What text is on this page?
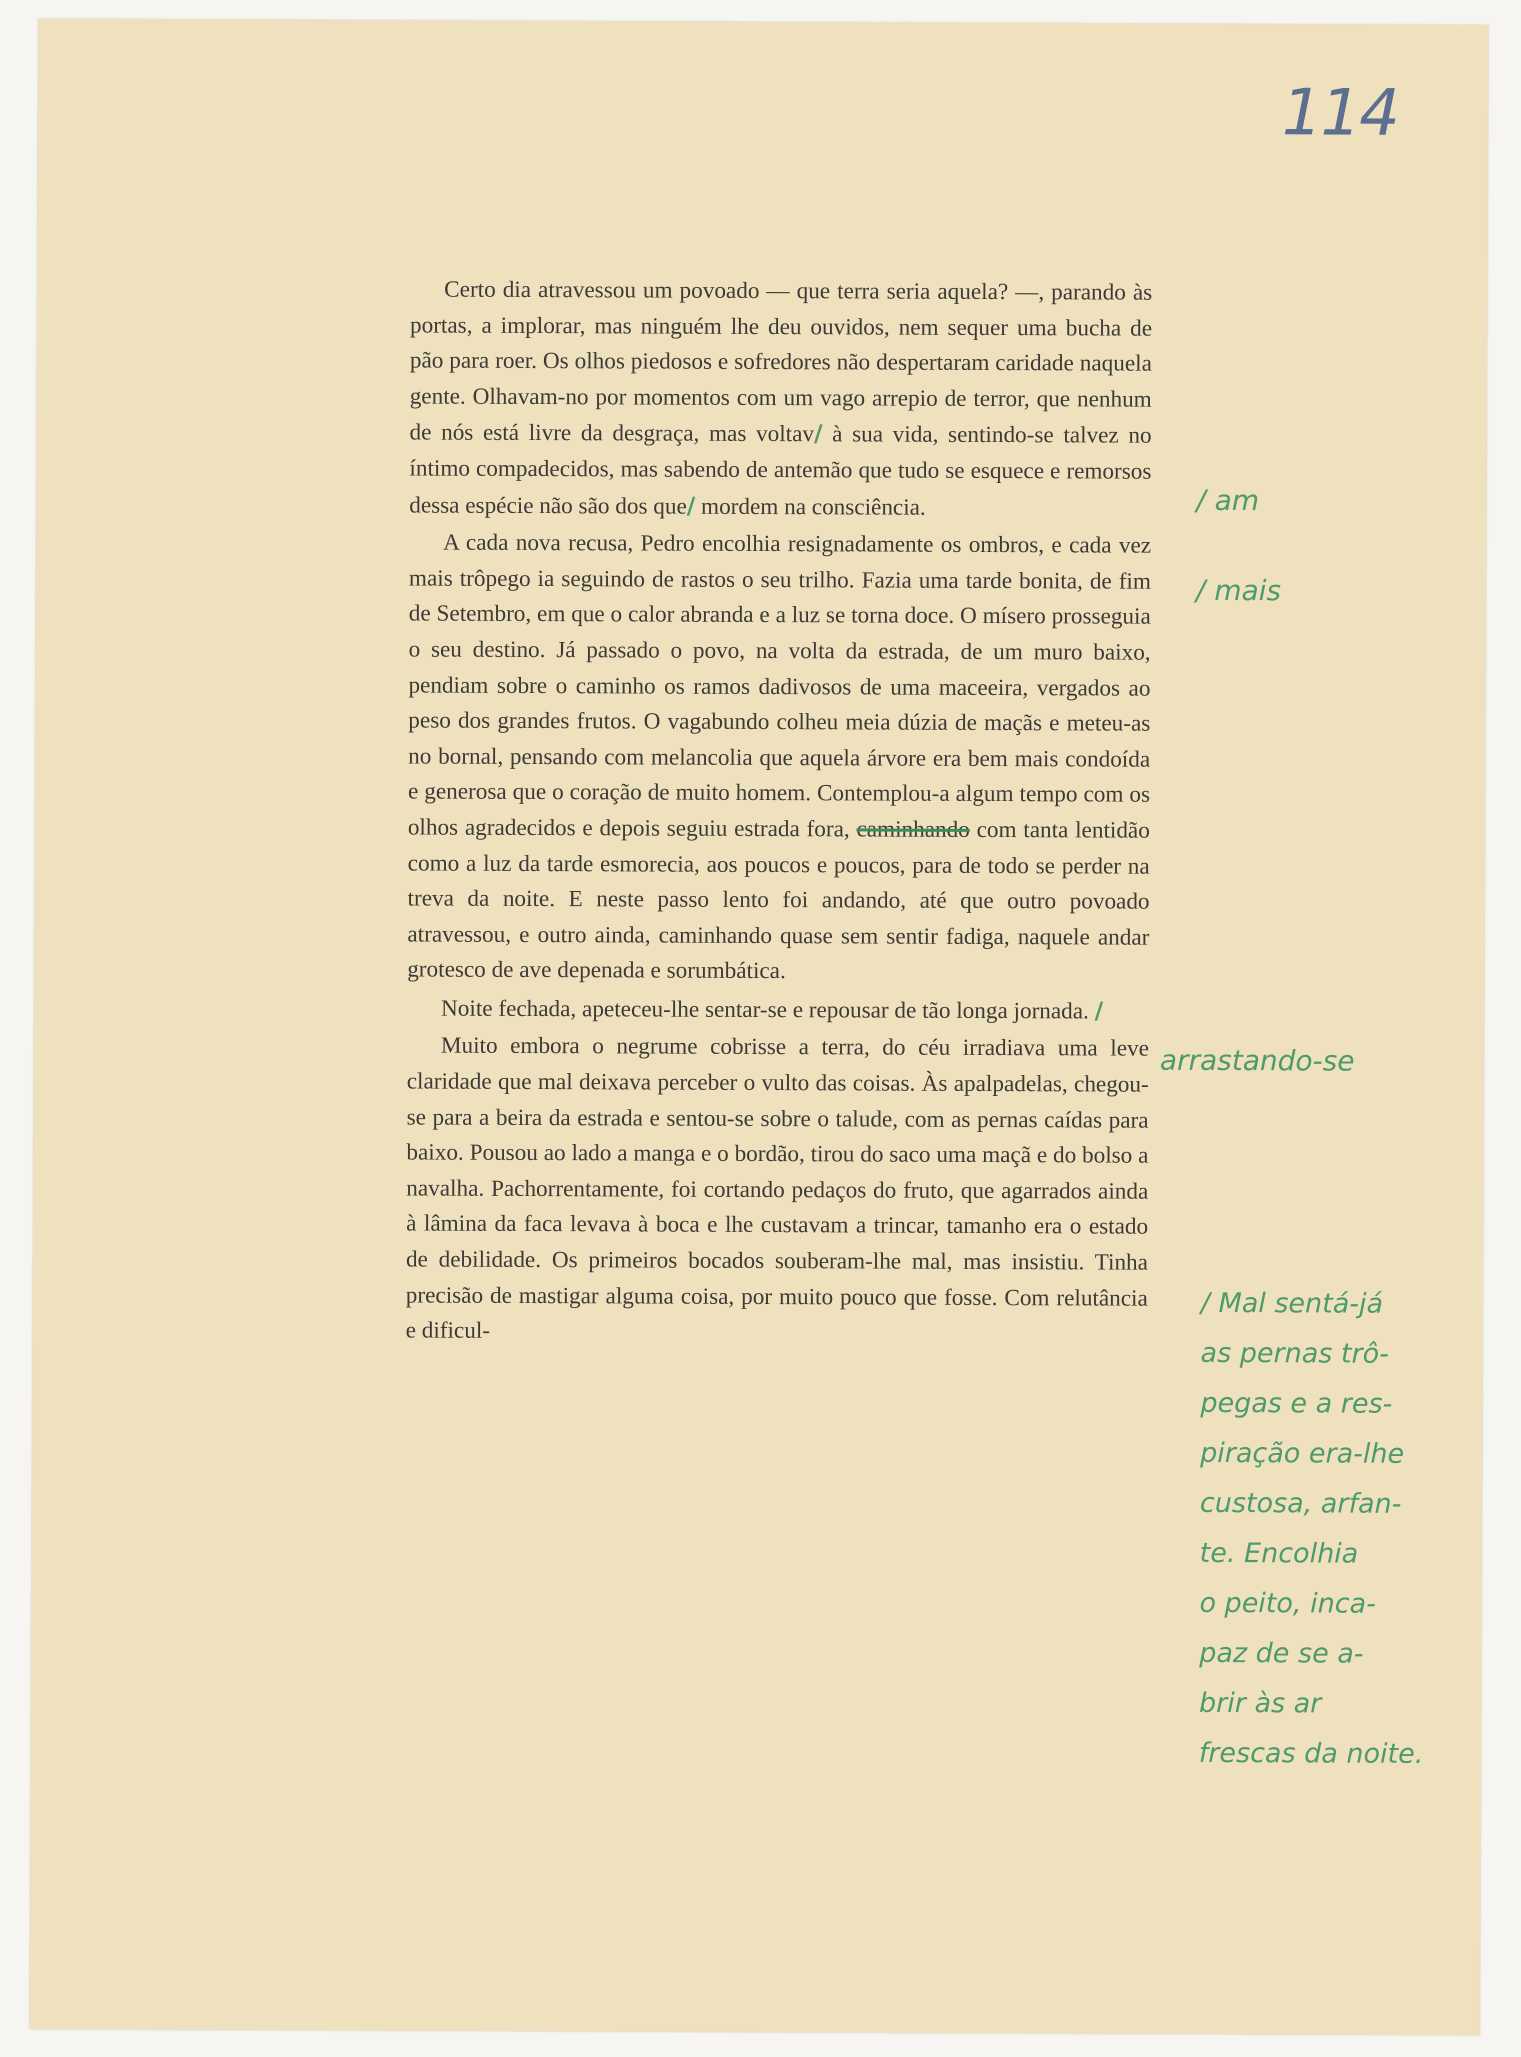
114

Certo dia atravessou um povoado — que terra seria aquela? —, parando às portas, a implorar, mas ninguém lhe deu ouvidos, nem sequer uma bucha de pão para roer. Os olhos piedosos e sofredores não despertaram caridade naquela gente. Olhavam-no por momentos com um vago arrepio de terror, que nenhum de nós está livre da desgraça, mas voltav/ à sua vida, sentindo-se talvez no íntimo compadecidos, mas sabendo de antemão que tudo se esquece e remorsos dessa espécie não são dos que/ mordem na consciência.

A cada nova recusa, Pedro encolhia resignadamente os ombros, e cada vez mais trôpego ia seguindo de rastos o seu trilho. Fazia uma tarde bonita, de fim de Setembro, em que o calor abranda e a luz se torna doce. O mísero prosseguia o seu destino. Já passado o povo, na volta da estrada, de um muro baixo, pendiam sobre o caminho os ramos dadivosos de uma maceeira, vergados ao peso dos grandes frutos. O vagabundo colheu meia dúzia de maçãs e meteu-as no bornal, pensando com melancolia que aquela árvore era bem mais condoída e generosa que o coração de muito homem. Contemplou-a algum tempo com os olhos agradecidos e depois seguiu estrada fora, caminhando com tanta lentidão como a luz da tarde esmorecia, aos poucos e poucos, para de todo se perder na treva da noite. E neste passo lento foi andando, até que outro povoado atravessou, e outro ainda, caminhando quase sem sentir fadiga, naquele andar grotesco de ave depenada e sorumbática.

Noite fechada, apeteceu-lhe sentar-se e repousar de tão longa jornada. /

Muito embora o negrume cobrisse a terra, do céu irradiava uma leve claridade que mal deixava perceber o vulto das coisas. Às apalpadelas, chegou-se para a beira da estrada e sentou-se sobre o talude, com as pernas caídas para baixo. Pousou ao lado a manga e o bordão, tirou do saco uma maçã e do bolso a navalha. Pachorrentamente, foi cortando pedaços do fruto, que agarrados ainda à lâmina da faca levava à boca e lhe custavam a trincar, tamanho era o estado de debilidade. Os primeiros bocados souberam-lhe mal, mas insistiu. Tinha precisão de mastigar alguma coisa, por muito pouco que fosse. Com relutância e dificul-

/ am
/ mais
arrastando-se
/ Mal sentá-já
as pernas trô-
pegas e a res-
piração era-lhe
custosa, arfan-
te. Encolhia
o peito, inca-
paz de se a-
brir às ar
frescas da noite.
